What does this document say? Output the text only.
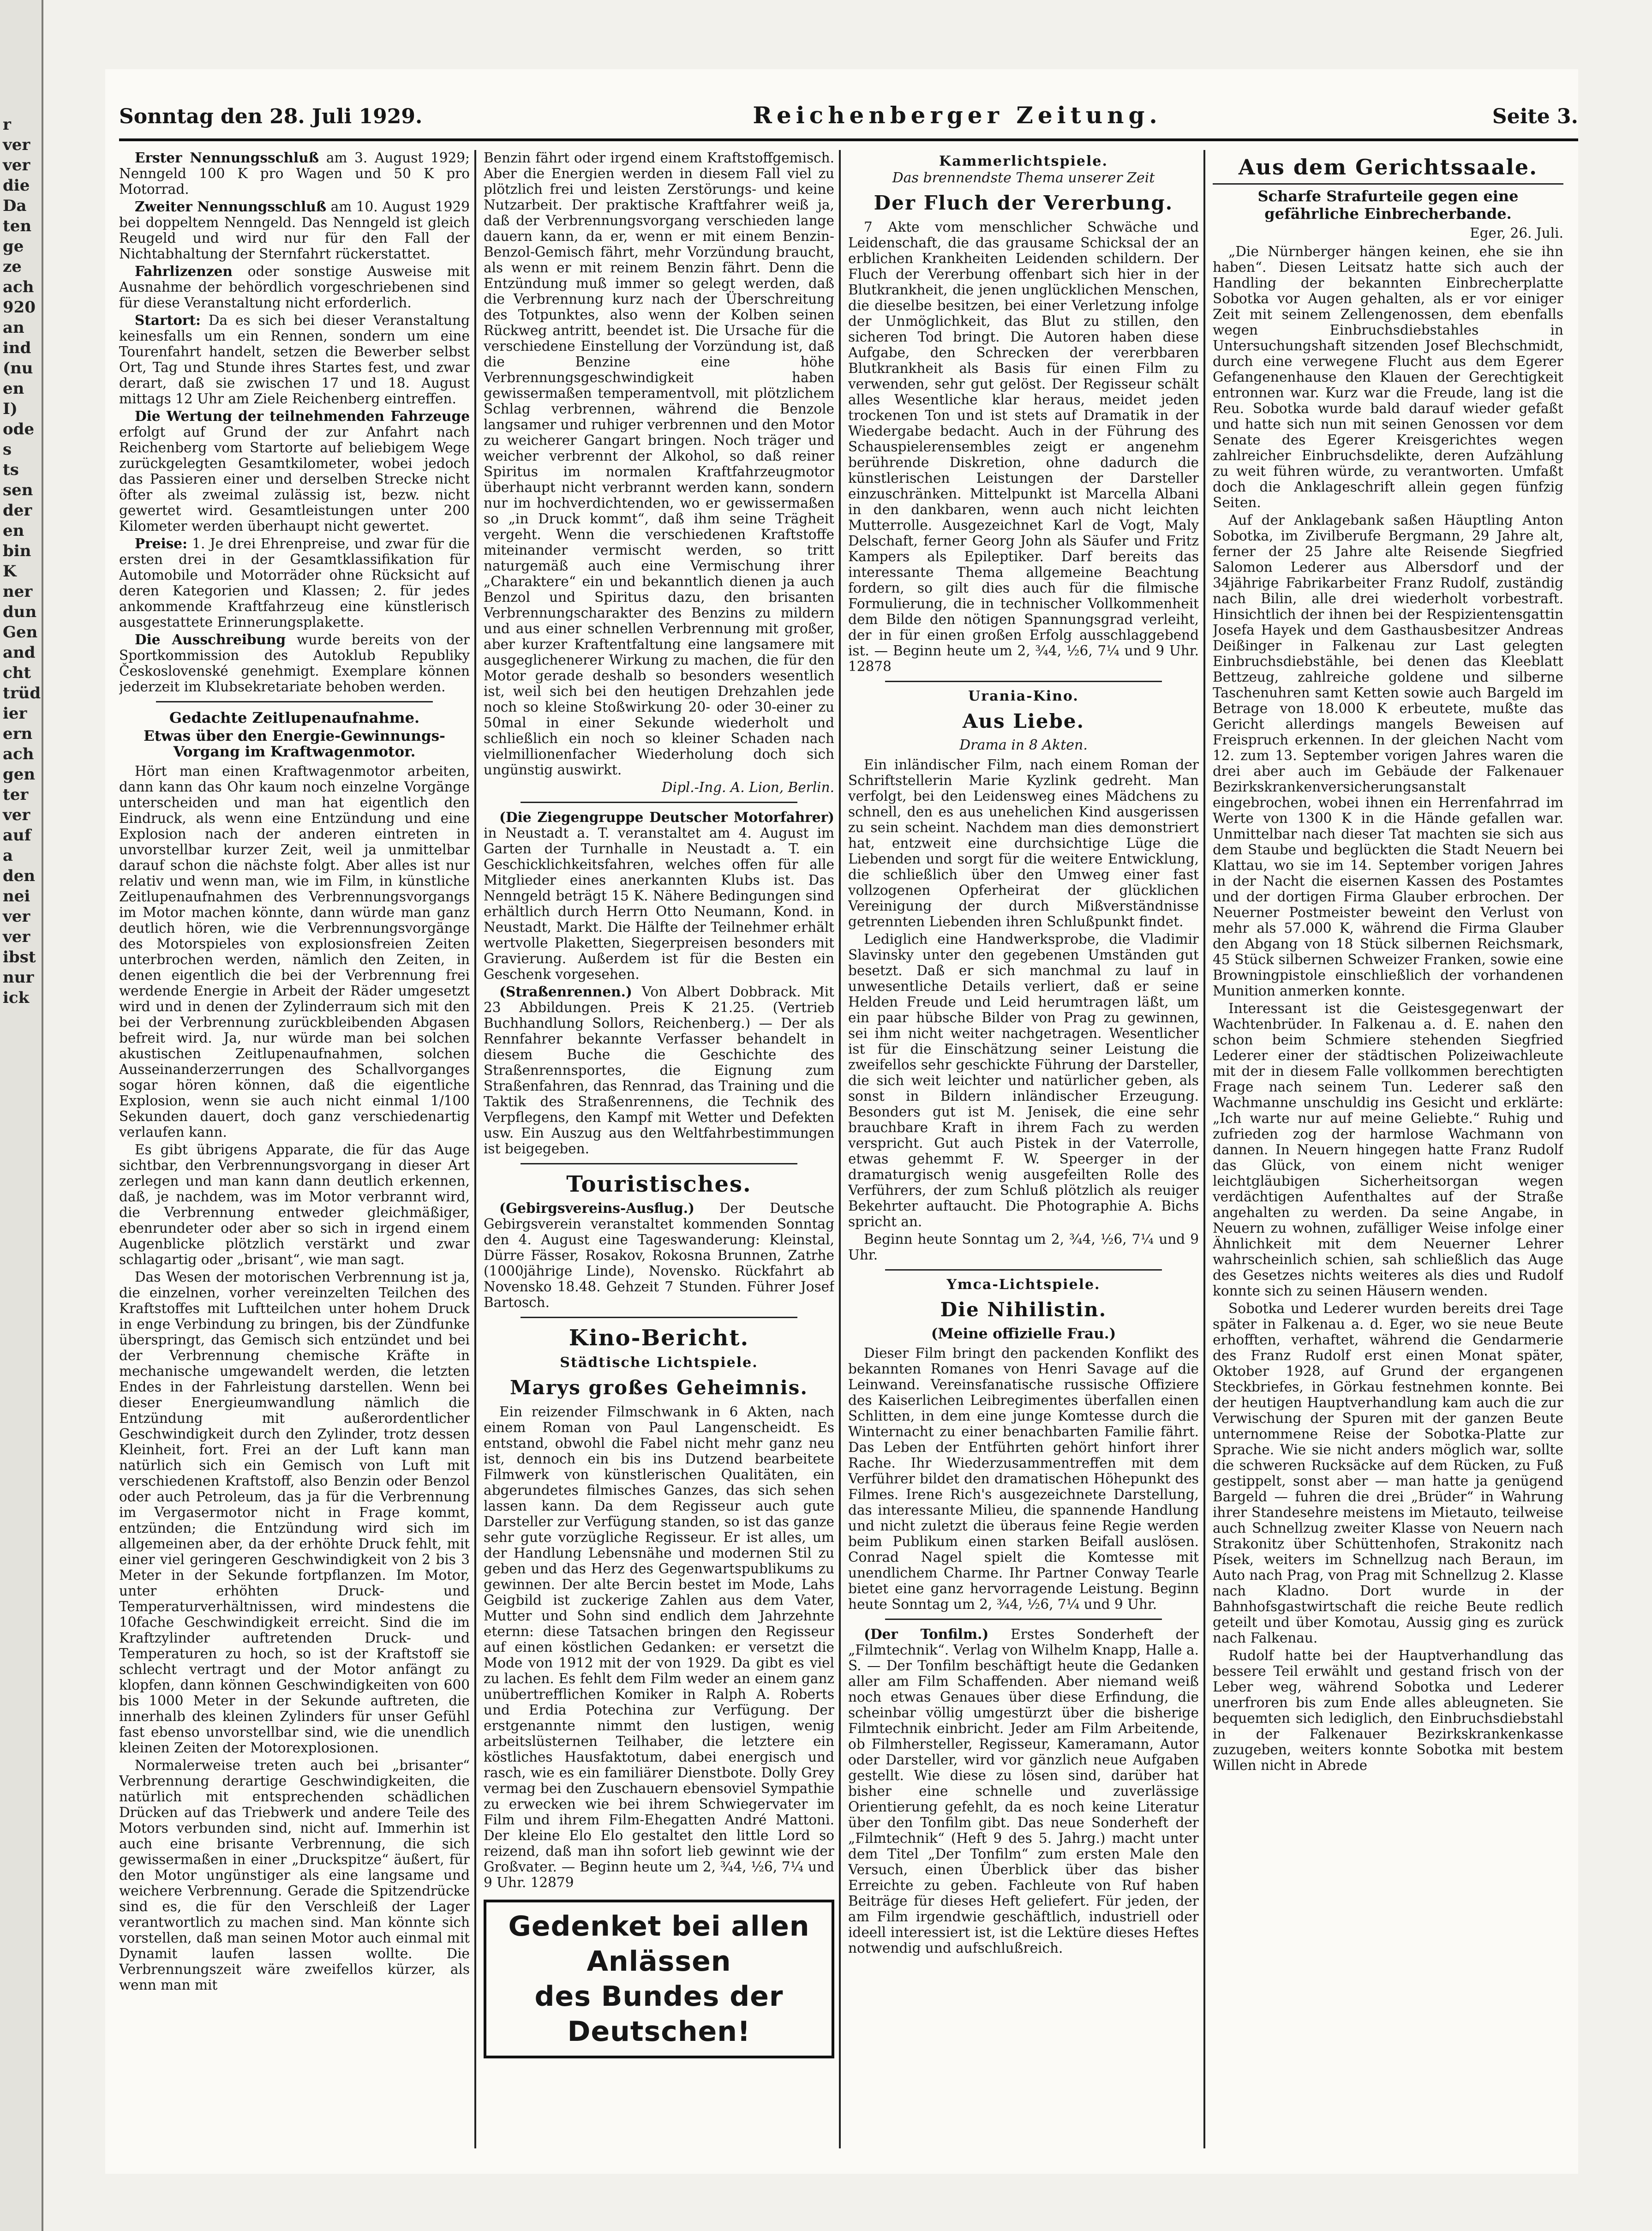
r
ver
ver
die
Da
ten
ge
ze
ach
920
an
ind
(nu
en
I)
ode
s
ts
sen
der
en
bin
K
ner
dun
Gen
and
cht
trüd
ier
ern
ach
gen
ter
ver
auf
a
den
nei
ver
ver
ibst
nur
ick
Sonntag den 28. Juli 1929.	Reichenberger Zeitung.	Seite 3.

Erster Nennungsschluß am 3. August 1929; Nenngeld 100 K pro Wagen und 50 K pro Motorrad.

Zweiter Nennungsschluß am 10. August 1929 bei doppeltem Nenngeld. Das Nenngeld ist gleich Reugeld und wird nur für den Fall der Nichtabhaltung der Sternfahrt rückerstattet.

Fahrlizenzen oder sonstige Ausweise mit Ausnahme der behördlich vorgeschriebenen sind für diese Veranstaltung nicht erforderlich.

Startort: Da es sich bei dieser Veranstaltung keinesfalls um ein Rennen, sondern um eine Tourenfahrt handelt, setzen die Bewerber selbst Ort, Tag und Stunde ihres Startes fest, und zwar derart, daß sie zwischen 17 und 18. August mittags 12 Uhr am Ziele Reichenberg eintreffen.

Die Wertung der teilnehmenden Fahrzeuge erfolgt auf Grund der zur Anfahrt nach Reichenberg vom Startorte auf beliebigem Wege zurückgelegten Gesamtkilometer, wobei jedoch das Passieren einer und derselben Strecke nicht öfter als zweimal zulässig ist, bezw. nicht gewertet wird. Gesamtleistungen unter 200 Kilometer werden überhaupt nicht gewertet.

Preise: 1. Je drei Ehrenpreise, und zwar für die ersten drei in der Gesamtklassifikation für Automobile und Motorräder ohne Rücksicht auf deren Kategorien und Klassen; 2. für jedes ankommende Kraftfahrzeug eine künstlerisch ausgestattete Erinnerungsplakette.

Die Ausschreibung wurde bereits von der Sportkommission des Autoklub Republiky Československé genehmigt. Exemplare können jederzeit im Klubsekretariate behoben werden.

Gedachte Zeitlupenaufnahme.
Etwas über den Energie-Gewinnungs-Vorgang im Kraftwagenmotor.

Hört man einen Kraftwagenmotor arbeiten, dann kann das Ohr kaum noch einzelne Vorgänge unterscheiden und man hat eigentlich den Eindruck, als wenn eine Entzündung und eine Explosion nach der anderen eintreten in unvorstellbar kurzer Zeit, weil ja unmittelbar darauf schon die nächste folgt. Aber alles ist nur relativ und wenn man, wie im Film, in künstliche Zeitlupenaufnahmen des Verbrennungsvorgangs im Motor machen könnte, dann würde man ganz deutlich hören, wie die Verbrennungsvorgänge des Motorspieles von explosionsfreien Zeiten unterbrochen werden, nämlich den Zeiten, in denen eigentlich die bei der Verbrennung frei werdende Energie in Arbeit der Räder umgesetzt wird und in denen der Zylinderraum sich mit den bei der Verbrennung zurückbleibenden Abgasen befreit wird. Ja, nur würde man bei solchen akustischen Zeitlupenaufnahmen, solchen Ausseinanderzerrungen des Schallvorganges sogar hören können, daß die eigentliche Explosion, wenn sie auch nicht einmal 1/100 Sekunden dauert, doch ganz verschiedenartig verlaufen kann.

Es gibt übrigens Apparate, die für das Auge sichtbar, den Verbrennungsvorgang in dieser Art zerlegen und man kann dann deutlich erkennen, daß, je nachdem, was im Motor verbrannt wird, die Verbrennung entweder gleichmäßiger, ebenrundeter oder aber so sich in irgend einem Augenblicke plötzlich verstärkt und zwar schlagartig oder „brisant“, wie man sagt.

Das Wesen der motorischen Verbrennung ist ja, die einzelnen, vorher vereinzelten Teilchen des Kraftstoffes mit Luftteilchen unter hohem Druck in enge Verbindung zu bringen, bis der Zündfunke überspringt, das Gemisch sich entzündet und bei der Verbrennung chemische Kräfte in mechanische umgewandelt werden, die letzten Endes in der Fahrleistung darstellen. Wenn bei dieser Energieumwandlung nämlich die Entzündung mit außerordentlicher Geschwindigkeit durch den Zylinder, trotz dessen Kleinheit, fort. Frei an der Luft kann man natürlich sich ein Gemisch von Luft mit verschiedenen Kraftstoff, also Benzin oder Benzol oder auch Petroleum, das ja für die Verbrennung im Vergasermotor nicht in Frage kommt, entzünden; die Entzündung wird sich im allgemeinen aber, da der erhöhte Druck fehlt, mit einer viel geringeren Geschwindigkeit von 2 bis 3 Meter in der Sekunde fortpflanzen. Im Motor, unter erhöhten Druck- und Temperaturverhältnissen, wird mindestens die 10fache Geschwindigkeit erreicht. Sind die im Kraftzylinder auftretenden Druck- und Temperaturen zu hoch, so ist der Kraftstoff sie schlecht vertragt und der Motor anfängt zu klopfen, dann können Geschwindigkeiten von 600 bis 1000 Meter in der Sekunde auftreten, die innerhalb des kleinen Zylinders für unser Gefühl fast ebenso unvorstellbar sind, wie die unendlich kleinen Zeiten der Motorexplosionen.

Normalerweise treten auch bei „brisanter“ Verbrennung derartige Geschwindigkeiten, die natürlich mit entsprechenden schädlichen Drücken auf das Triebwerk und andere Teile des Motors verbunden sind, nicht auf. Immerhin ist auch eine brisante Verbrennung, die sich gewissermaßen in einer „Druckspitze“ äußert, für den Motor ungünstiger als eine langsame und weichere Verbrennung. Gerade die Spitzendrücke sind es, die für den Verschleiß der Lager verantwortlich zu machen sind. Man könnte sich vorstellen, daß man seinen Motor auch einmal mit Dynamit laufen lassen wollte. Die Verbrennungszeit wäre zweifellos kürzer, als wenn man mit

Benzin fährt oder irgend einem Kraftstoffgemisch. Aber die Energien werden in diesem Fall viel zu plötzlich frei und leisten Zerstörungs- und keine Nutzarbeit. Der praktische Kraftfahrer weiß ja, daß der Verbrennungsvorgang verschieden lange dauern kann, da er, wenn er mit einem Benzin-Benzol-Gemisch fährt, mehr Vorzündung braucht, als wenn er mit reinem Benzin fährt. Denn die Entzündung muß immer so gelegt werden, daß die Verbrennung kurz nach der Überschreitung des Totpunktes, also wenn der Kolben seinen Rückweg antritt, beendet ist. Die Ursache für die verschiedene Einstellung der Vorzündung ist, daß die Benzine eine höhe Verbrennungsgeschwindigkeit haben gewissermaßen temperamentvoll, mit plötzlichem Schlag verbrennen, während die Benzole langsamer und ruhiger verbrennen und den Motor zu weicherer Gangart bringen. Noch träger und weicher verbrennt der Alkohol, so daß reiner Spiritus im normalen Kraftfahrzeugmotor überhaupt nicht verbrannt werden kann, sondern nur im hochverdichtenden, wo er gewissermaßen so „in Druck kommt“, daß ihm seine Trägheit vergeht. Wenn die verschiedenen Kraftstoffe miteinander vermischt werden, so tritt naturgemäß auch eine Vermischung ihrer „Charaktere“ ein und bekanntlich dienen ja auch Benzol und Spiritus dazu, den brisanten Verbrennungscharakter des Benzins zu mildern und aus einer schnellen Verbrennung mit großer, aber kurzer Kraftentfaltung eine langsamere mit ausgeglichenerer Wirkung zu machen, die für den Motor gerade deshalb so besonders wesentlich ist, weil sich bei den heutigen Drehzahlen jede noch so kleine Stoßwirkung 20- oder 30-einer zu 50mal in einer Sekunde wiederholt und schließlich ein noch so kleiner Schaden nach vielmillionenfacher Wiederholung doch sich ungünstig auswirkt.

Dipl.-Ing. A. Lion, Berlin.

(Die Ziegengruppe Deutscher Motorfahrer) in Neustadt a. T. veranstaltet am 4. August im Garten der Turnhalle in Neustadt a. T. ein Geschicklichkeitsfahren, welches offen für alle Mitglieder eines anerkannten Klubs ist. Das Nenngeld beträgt 15 K. Nähere Bedingungen sind erhältlich durch Herrn Otto Neumann, Kond. in Neustadt, Markt. Die Hälfte der Teilnehmer erhält wertvolle Plaketten, Siegerpreisen besonders mit Gravierung. Außerdem ist für die Besten ein Geschenk vorgesehen.

(Straßenrennen.) Von Albert Dobbrack. Mit 23 Abbildungen. Preis K 21.25. (Vertrieb Buchhandlung Sollors, Reichenberg.) — Der als Rennfahrer bekannte Verfasser behandelt in diesem Buche die Geschichte des Straßenrennsportes, die Eignung zum Straßenfahren, das Rennrad, das Training und die Taktik des Straßenrennens, die Technik des Verpflegens, den Kampf mit Wetter und Defekten usw. Ein Auszug aus den Weltfahrbestimmungen ist beigegeben.

Touristisches.

(Gebirgsvereins-Ausflug.) Der Deutsche Gebirgsverein veranstaltet kommenden Sonntag den 4. August eine Tageswanderung: Kleinstal, Dürre Fässer, Rosakov, Rokosna Brunnen, Zatrhe (1000jährige Linde), Novensko. Rückfahrt ab Novensko 18.48. Gehzeit 7 Stunden. Führer Josef Bartosch.

Kino-Bericht.
Städtische Lichtspiele.
Marys großes Geheimnis.

Ein reizender Filmschwank in 6 Akten, nach einem Roman von Paul Langenscheidt. Es entstand, obwohl die Fabel nicht mehr ganz neu ist, dennoch ein bis ins Dutzend bearbeitete Filmwerk von künstlerischen Qualitäten, ein abgerundetes filmisches Ganzes, das sich sehen lassen kann. Da dem Regisseur auch gute Darsteller zur Verfügung standen, so ist das ganze sehr gute vorzügliche Regisseur. Er ist alles, um der Handlung Lebensnähe und modernen Stil zu geben und das Herz des Gegenwartspublikums zu gewinnen. Der alte Bercin bestet im Mode, Lahs Geigbild ist zuckerige Zahlen aus dem Vater, Mutter und Sohn sind endlich dem Jahrzehnte eternn: diese Tatsachen bringen den Regisseur auf einen köstlichen Gedanken: er versetzt die Mode von 1912 mit der von 1929. Da gibt es viel zu lachen. Es fehlt dem Film weder an einem ganz unübertrefflichen Komiker in Ralph A. Roberts und Erdia Potechina zur Verfügung. Der erstgenannte nimmt den lustigen, wenig arbeitslüsternen Teilhaber, die letztere ein köstliches Hausfaktotum, dabei energisch und rasch, wie es ein familiärer Dienstbote. Dolly Grey vermag bei den Zuschauern ebensoviel Sympathie zu erwecken wie bei ihrem Schwiegervater im Film und ihrem Film-Ehegatten André Mattoni. Der kleine Elo Elo gestaltet den little Lord so reizend, daß man ihn sofort lieb gewinnt wie der Großvater. — Beginn heute um 2, ¾4, ½6, 7¼ und 9 Uhr. 12879

Gedenket bei allen Anlässen
des Bundes der Deutschen!
Kammerlichtspiele.
Das brennendste Thema unserer Zeit
Der Fluch der Vererbung.

7 Akte vom menschlicher Schwäche und Leidenschaft, die das grausame Schicksal der an erblichen Krankheiten Leidenden schildern. Der Fluch der Vererbung offenbart sich hier in der Blutkrankheit, die jenen unglücklichen Menschen, die dieselbe besitzen, bei einer Verletzung infolge der Unmöglichkeit, das Blut zu stillen, den sicheren Tod bringt. Die Autoren haben diese Aufgabe, den Schrecken der vererbbaren Blutkrankheit als Basis für einen Film zu verwenden, sehr gut gelöst. Der Regisseur schält alles Wesentliche klar heraus, meidet jeden trockenen Ton und ist stets auf Dramatik in der Wiedergabe bedacht. Auch in der Führung des Schauspielerensembles zeigt er angenehm berührende Diskretion, ohne dadurch die künstlerischen Leistungen der Darsteller einzuschränken. Mittelpunkt ist Marcella Albani in den dankbaren, wenn auch nicht leichten Mutterrolle. Ausgezeichnet Karl de Vogt, Maly Delschaft, ferner Georg John als Säufer und Fritz Kampers als Epileptiker. Darf bereits das interessante Thema allgemeine Beachtung fordern, so gilt dies auch für die filmische Formulierung, die in technischer Vollkommenheit dem Bilde den nötigen Spannungsgrad verleiht, der in für einen großen Erfolg ausschlaggebend ist. — Beginn heute um 2, ¾4, ½6, 7¼ und 9 Uhr. 12878

Urania-Kino.
Aus Liebe.
Drama in 8 Akten.

Ein inländischer Film, nach einem Roman der Schriftstellerin Marie Kyzlink gedreht. Man verfolgt, bei den Leidensweg eines Mädchens zu schnell, den es aus unehelichen Kind ausgerissen zu sein scheint. Nachdem man dies demonstriert hat, entzweit eine durchsichtige Lüge die Liebenden und sorgt für die weitere Entwicklung, die schließlich über den Umweg einer fast vollzogenen Opferheirat der glücklichen Vereinigung der durch Mißverständnisse getrennten Liebenden ihren Schlußpunkt findet.

Lediglich eine Handwerksprobe, die Vladimir Slavinsky unter den gegebenen Umständen gut besetzt. Daß er sich manchmal zu lauf in unwesentliche Details verliert, daß er seine Helden Freude und Leid herumtragen läßt, um ein paar hübsche Bilder von Prag zu gewinnen, sei ihm nicht weiter nachgetragen. Wesentlicher ist für die Einschätzung seiner Leistung die zweifellos sehr geschickte Führung der Darsteller, die sich weit leichter und natürlicher geben, als sonst in Bildern inländischer Erzeugung. Besonders gut ist M. Jenisek, die eine sehr brauchbare Kraft in ihrem Fach zu werden verspricht. Gut auch Pistek in der Vaterrolle, etwas gehemmt F. W. Speerger in der dramaturgisch wenig ausgefeilten Rolle des Verführers, der zum Schluß plötzlich als reuiger Bekehrter auftaucht. Die Photographie A. Bichs spricht an.

Beginn heute Sonntag um 2, ¾4, ½6, 7¼ und 9 Uhr.

Ymca-Lichtspiele.
Die Nihilistin.
(Meine offizielle Frau.)

Dieser Film bringt den packenden Konflikt des bekannten Romanes von Henri Savage auf die Leinwand. Vereinsfanatische russische Offiziere des Kaiserlichen Leibregimentes überfallen einen Schlitten, in dem eine junge Komtesse durch die Winternacht zu einer benachbarten Familie fährt. Das Leben der Entführten gehört hinfort ihrer Rache. Ihr Wiederzusammentreffen mit dem Verführer bildet den dramatischen Höhepunkt des Filmes. Irene Rich's ausgezeichnete Darstellung, das interessante Milieu, die spannende Handlung und nicht zuletzt die überaus feine Regie werden beim Publikum einen starken Beifall auslösen. Conrad Nagel spielt die Komtesse mit unendlichem Charme. Ihr Partner Conway Tearle bietet eine ganz hervorragende Leistung. Beginn heute Sonntag um 2, ¾4, ½6, 7¼ und 9 Uhr.

(Der Tonfilm.) Erstes Sonderheft der „Filmtechnik“. Verlag von Wilhelm Knapp, Halle a. S. — Der Tonfilm beschäftigt heute die Gedanken aller am Film Schaffenden. Aber niemand weiß noch etwas Genaues über diese Erfindung, die scheinbar völlig umgestürzt über die bisherige Filmtechnik einbricht. Jeder am Film Arbeitende, ob Filmhersteller, Regisseur, Kameramann, Autor oder Darsteller, wird vor gänzlich neue Aufgaben gestellt. Wie diese zu lösen sind, darüber hat bisher eine schnelle und zuverlässige Orientierung gefehlt, da es noch keine Literatur über den Tonfilm gibt. Das neue Sonderheft der „Filmtechnik“ (Heft 9 des 5. Jahrg.) macht unter dem Titel „Der Tonfilm“ zum ersten Male den Versuch, einen Überblick über das bisher Erreichte zu geben. Fachleute von Ruf haben Beiträge für dieses Heft geliefert. Für jeden, der am Film irgendwie geschäftlich, industriell oder ideell interessiert ist, ist die Lektüre dieses Heftes notwendig und aufschlußreich.

Aus dem Gerichtssaale.
Scharfe Strafurteile gegen eine gefährliche Einbrecherbande.
Eger, 26. Juli.

„Die Nürnberger hängen keinen, ehe sie ihn haben“. Diesen Leitsatz hatte sich auch der Handling der bekannten Einbrecherplatte Sobotka vor Augen gehalten, als er vor einiger Zeit mit seinem Zellengenossen, dem ebenfalls wegen Einbruchsdiebstahles in Untersuchungshaft sitzenden Josef Blechschmidt, durch eine verwegene Flucht aus dem Egerer Gefangenenhause den Klauen der Gerechtigkeit entronnen war. Kurz war die Freude, lang ist die Reu. Sobotka wurde bald darauf wieder gefaßt und hatte sich nun mit seinen Genossen vor dem Senate des Egerer Kreisgerichtes wegen zahlreicher Einbruchsdelikte, deren Aufzählung zu weit führen würde, zu verantworten. Umfaßt doch die Anklageschrift allein gegen fünfzig Seiten.

Auf der Anklagebank saßen Häuptling Anton Sobotka, im Zivilberufe Bergmann, 29 Jahre alt, ferner der 25 Jahre alte Reisende Siegfried Salomon Lederer aus Albersdorf und der 34jährige Fabrikarbeiter Franz Rudolf, zuständig nach Bilin, alle drei wiederholt vorbestraft. Hinsichtlich der ihnen bei der Respizientensgattin Josefa Hayek und dem Gasthausbesitzer Andreas Deißinger in Falkenau zur Last gelegten Einbruchsdiebstähle, bei denen das Kleeblatt Bettzeug, zahlreiche goldene und silberne Taschenuhren samt Ketten sowie auch Bargeld im Betrage von 18.000 K erbeutete, mußte das Gericht allerdings mangels Beweisen auf Freispruch erkennen. In der gleichen Nacht vom 12. zum 13. September vorigen Jahres waren die drei aber auch im Gebäude der Falkenauer Bezirkskrankenversicherungsanstalt eingebrochen, wobei ihnen ein Herrenfahrrad im Werte von 1300 K in die Hände gefallen war. Unmittelbar nach dieser Tat machten sie sich aus dem Staube und beglückten die Stadt Neuern bei Klattau, wo sie im 14. September vorigen Jahres in der Nacht die eisernen Kassen des Postamtes und der dortigen Firma Glauber erbrochen. Der Neuerner Postmeister beweint den Verlust von mehr als 57.000 K, während die Firma Glauber den Abgang von 18 Stück silbernen Reichsmark, 45 Stück silbernen Schweizer Franken, sowie eine Browningpistole einschließlich der vorhandenen Munition anmerken konnte.

Interessant ist die Geistesgegenwart der Wachtenbrüder. In Falkenau a. d. E. nahen den schon beim Schmiere stehenden Siegfried Lederer einer der städtischen Polizeiwachleute mit der in diesem Falle vollkommen berechtigten Frage nach seinem Tun. Lederer saß den Wachmanne unschuldig ins Gesicht und erklärte: „Ich warte nur auf meine Geliebte.“ Ruhig und zufrieden zog der harmlose Wachmann von dannen. In Neuern hingegen hatte Franz Rudolf das Glück, von einem nicht weniger leichtgläubigen Sicherheitsorgan wegen verdächtigen Aufenthaltes auf der Straße angehalten zu werden. Da seine Angabe, in Neuern zu wohnen, zufälliger Weise infolge einer Ähnlichkeit mit dem Neuerner Lehrer wahrscheinlich schien, sah schließlich das Auge des Gesetzes nichts weiteres als dies und Rudolf konnte sich zu seinen Häusern wenden.

Sobotka und Lederer wurden bereits drei Tage später in Falkenau a. d. Eger, wo sie neue Beute erhofften, verhaftet, während die Gendarmerie des Franz Rudolf erst einen Monat später, Oktober 1928, auf Grund der ergangenen Steckbriefes, in Görkau festnehmen konnte. Bei der heutigen Hauptverhandlung kam auch die zur Verwischung der Spuren mit der ganzen Beute unternommene Reise der Sobotka-Platte zur Sprache. Wie sie nicht anders möglich war, sollte die schweren Rucksäcke auf dem Rücken, zu Fuß gestippelt, sonst aber — man hatte ja genügend Bargeld — fuhren die drei „Brüder“ in Wahrung ihrer Standesehre meistens im Mietauto, teilweise auch Schnellzug zweiter Klasse von Neuern nach Strakonitz über Schüttenhofen, Strakonitz nach Písek, weiters im Schnellzug nach Beraun, im Auto nach Prag, von Prag mit Schnellzug 2. Klasse nach Kladno. Dort wurde in der Bahnhofsgastwirtschaft die reiche Beute redlich geteilt und über Komotau, Aussig ging es zurück nach Falkenau.

Rudolf hatte bei der Hauptverhandlung das bessere Teil erwählt und gestand frisch von der Leber weg, während Sobotka und Lederer unerfroren bis zum Ende alles ableugneten. Sie bequemten sich lediglich, den Einbruchsdiebstahl in der Falkenauer Bezirkskrankenkasse zuzugeben, weiters konnte Sobotka mit bestem Willen nicht in Abrede
